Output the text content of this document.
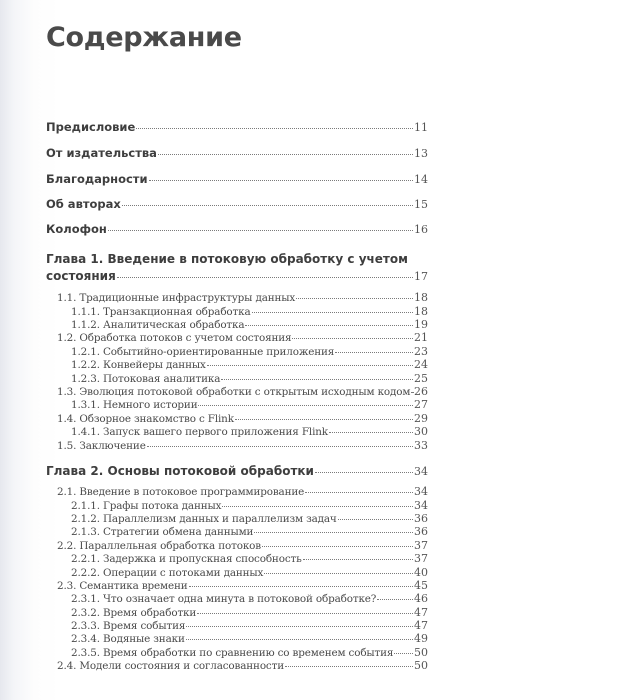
Содержание
Предисловие	11
От издательства	13
Благодарности	14
Об авторах	15
Колофон	16
Глава 1. Введение в потоковую обработку с учетом
состояния	17
1.1. Традиционные инфраструктуры данных	18
1.1.1. Транзакционная обработка	18
1.1.2. Аналитическая обработка	19
1.2. Обработка потоков с учетом состояния	21
1.2.1. Событийно-ориентированные приложения	23
1.2.2. Конвейеры данных	24
1.2.3. Потоковая аналитика	25
1.3. Эволюция потоковой обработки с открытым исходным кодом 26
1.3.1. Немного истории	27
1.4. Обзорное знакомство с Flink	29
1.4.1. Запуск вашего первого приложения Flink	30
1.5. Заключение	33
Глава 2. Основы потоковой обработки	34
2.1. Введение в потоковое программирование	34
2.1.1. Графы потока данных	34
2.1.2. Параллелизм данных и параллелизм задач	36
2.1.3. Стратегии обмена данными	36
2.2. Параллельная обработка потоков	37
2.2.1. Задержка и пропускная способность	37
2.2.2. Операции с потоками данных	40
2.3. Семантика времени	45
2.3.1. Что означает одна минута в потоковой обработке?	46
2.3.2. Время обработки	47
2.3.3. Время события	47
2.3.4. Водяные знаки	49
2.3.5. Время обработки по сравнению со временем события 50
2.4. Модели состояния и согласованности	50
